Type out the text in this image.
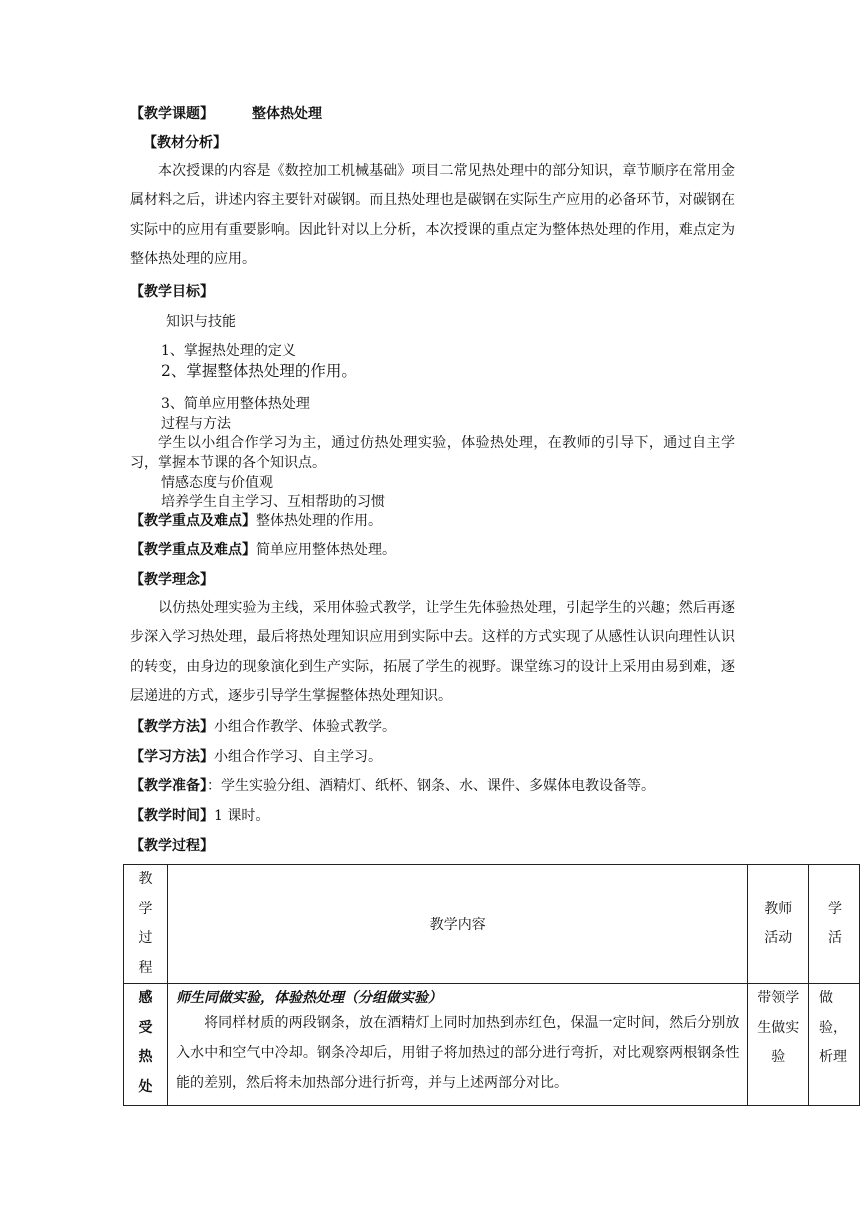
【教学课题】	整体热处理
【教材分析】
本次授课的内容是《数控加工机械基础》项目二常见热处理中的部分知识，章节顺序在常用金属材料之后，讲述内容主要针对碳钢。而且热处理也是碳钢在实际生产应用的必备环节，对碳钢在实际中的应用有重要影响。因此针对以上分析，本次授课的重点定为整体热处理的作用，难点定为整体热处理的应用。
【教学目标】
知识与技能
1、掌握热处理的定义
2、掌握整体热处理的作用。
3、简单应用整体热处理
过程与方法
学生以小组合作学习为主，通过仿热处理实验，体验热处理，在教师的引导下，通过自主学习，掌握本节课的各个知识点。
情感态度与价值观
培养学生自主学习、互相帮助的习惯
【教学重点及难点】整体热处理的作用。
【教学重点及难点】简单应用整体热处理。
【教学理念】
以仿热处理实验为主线，采用体验式教学，让学生先体验热处理，引起学生的兴趣；然后再逐步深入学习热处理，最后将热处理知识应用到实际中去。这样的方式实现了从感性认识向理性认识的转变，由身边的现象演化到生产实际，拓展了学生的视野。课堂练习的设计上采用由易到难，逐层递进的方式，逐步引导学生掌握整体热处理知识。
【教学方法】小组合作教学、体验式教学。
【学习方法】小组合作学习、自主学习。
【教学准备】：学生实验分组、酒精灯、纸杯、钢条、水、课件、多媒体电教设备等。
【教学时间】1 课时。
【教学过程】
教学过程	教学内容	教师活动	学活

感受热处	师生同做实验，体验热处理（分组做实验）
将同样材质的两段钢条，放在酒精灯上同时加热到赤红色，保温一定时间，然后分别放入水中和空气中冷却。钢条冷却后，用钳子将加热过的部分进行弯折，对比观察两根钢条性能的差别，然后将未加热部分进行折弯，并与上述两部分对比。	带领学生做实验	做验，析理
